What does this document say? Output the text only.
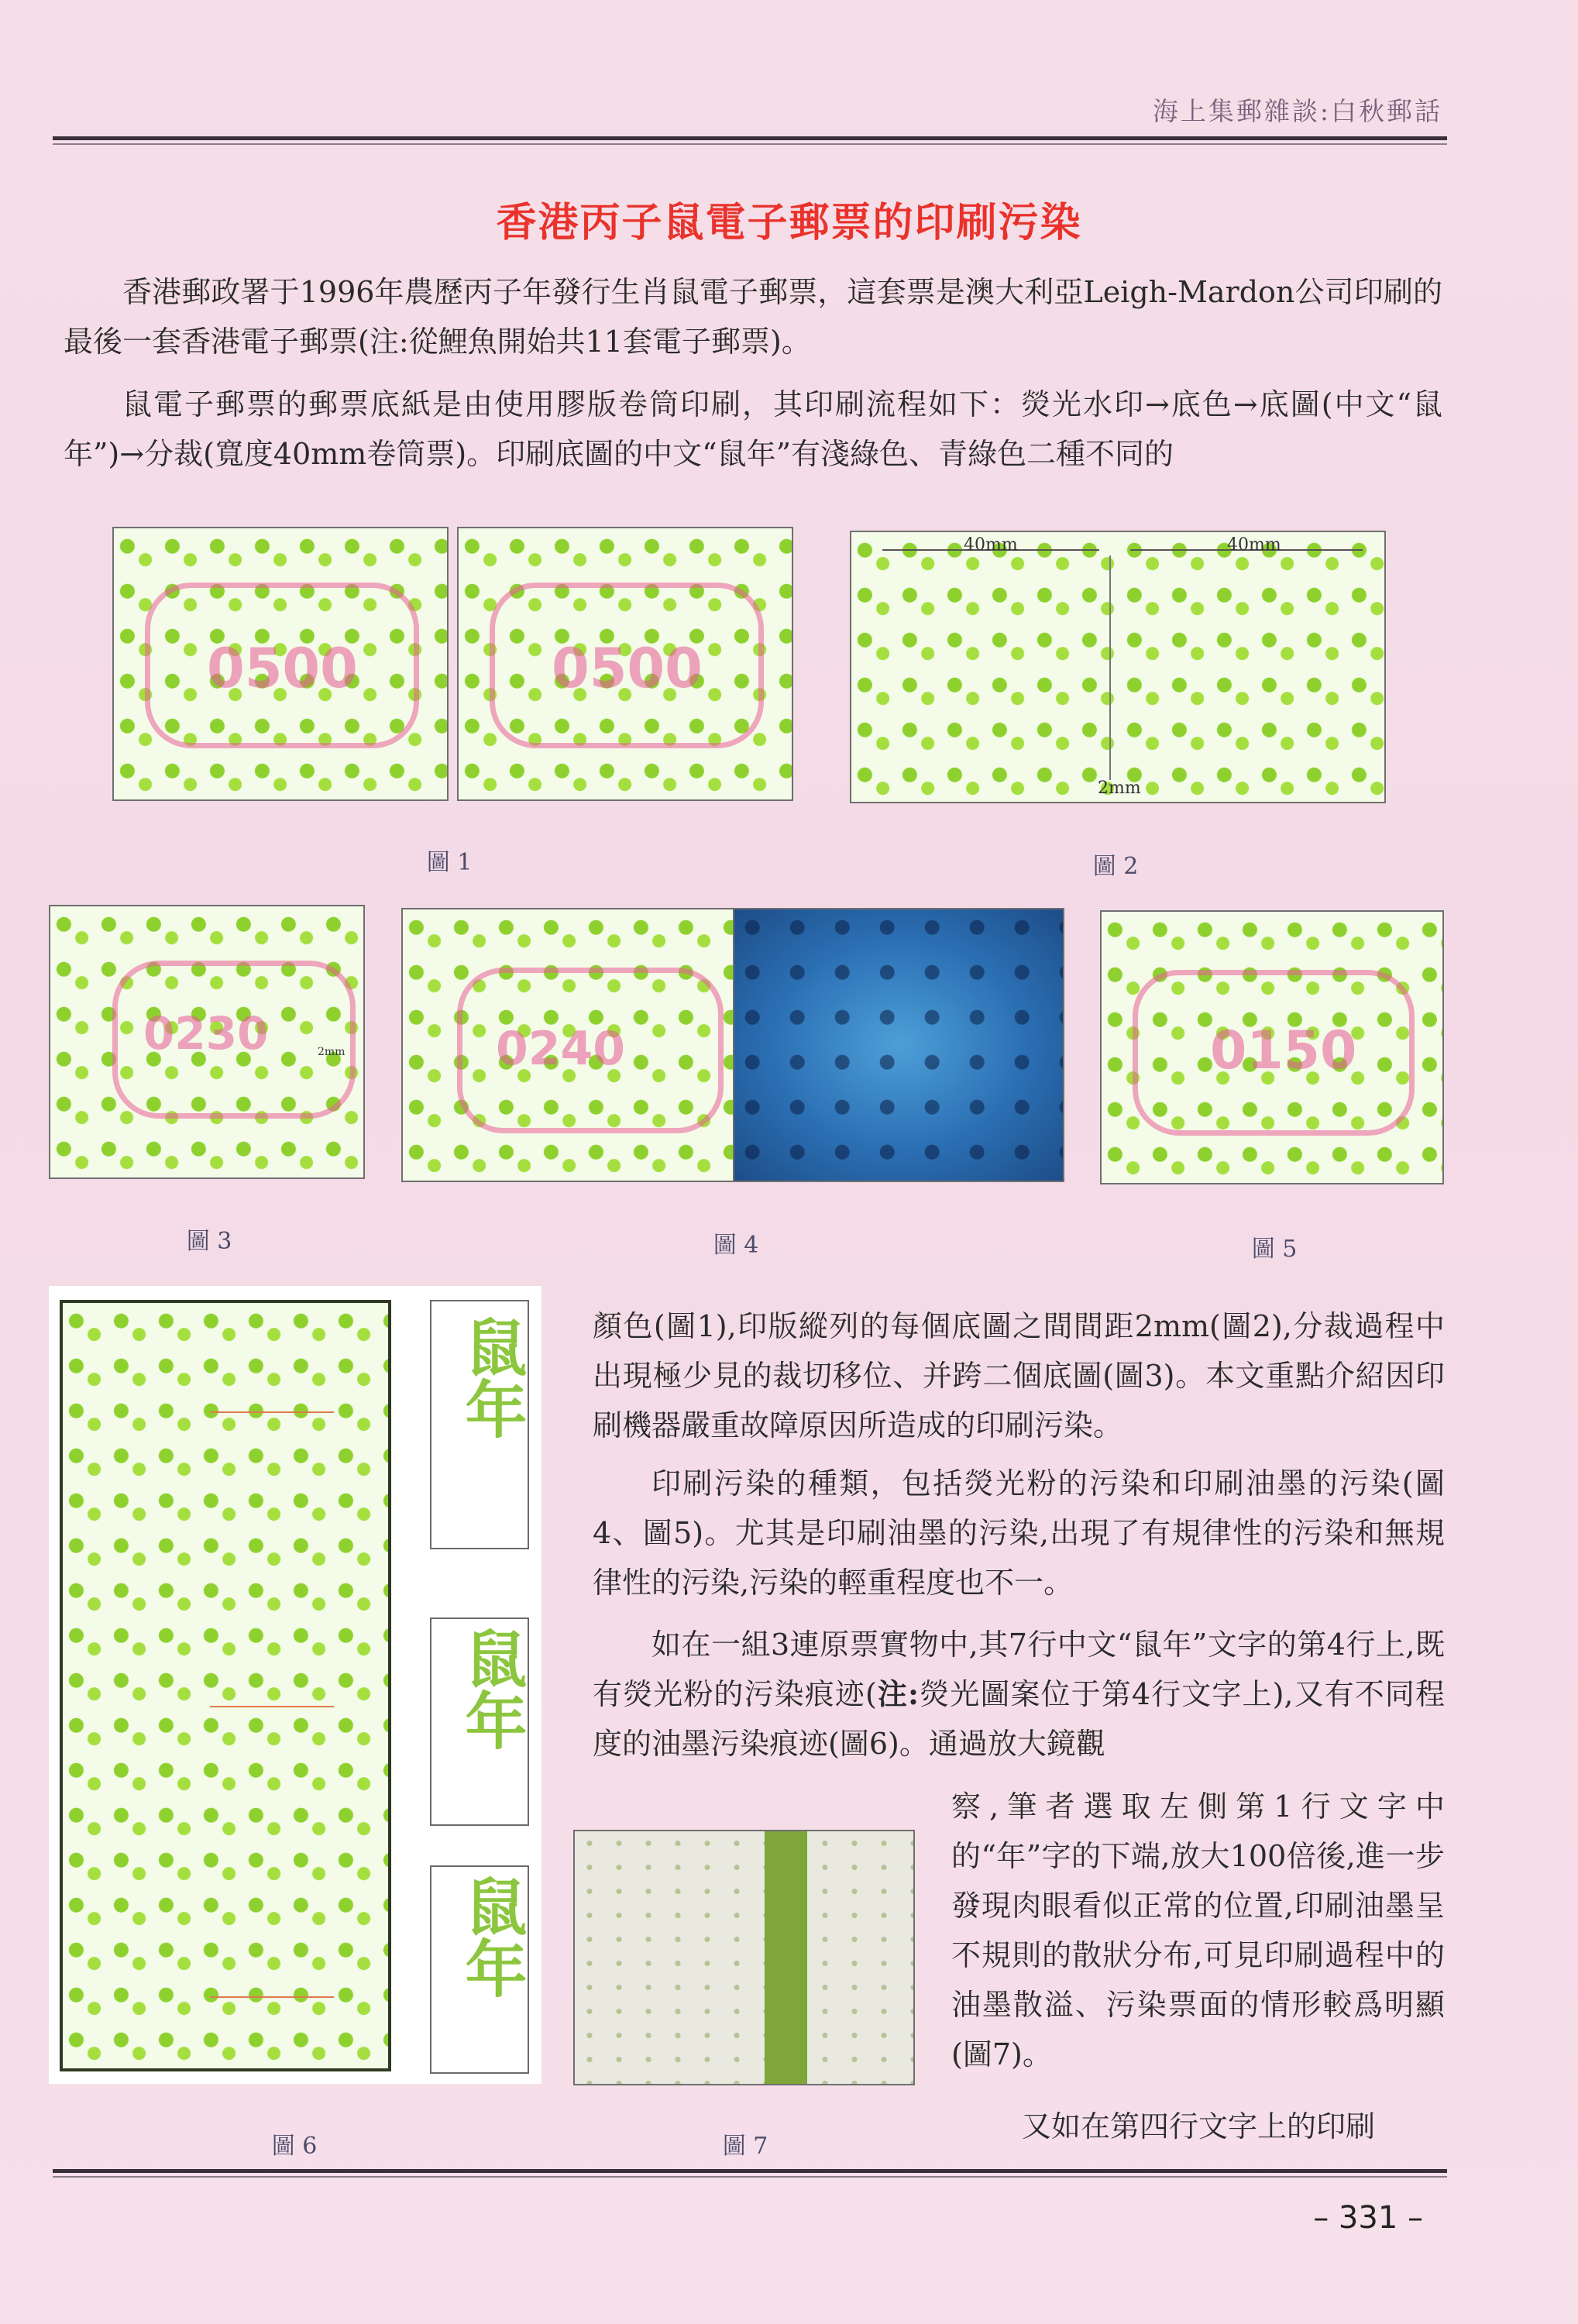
海上集郵雜談:白秋郵話
香港丙子鼠電子郵票的印刷污染
香港郵政署于1996年農歷丙子年發行生肖鼠電子郵票，這套票是澳大利亞Leigh-Mardon公司印刷的最後一套香港電子郵票(注:從鯉魚開始共11套電子郵票)。
鼠電子郵票的郵票底紙是由使用膠版卷筒印刷，其印刷流程如下：熒光水印→底色→底圖(中文“鼠年”)→分裁(寬度40mm卷筒票)。印刷底圖的中文“鼠年”有淺綠色、青綠色二種不同的
0500	0500
圖 1
40mm	40mm
2mm
圖 2
0230	2mm
圖 3
0240
圖 4
0150
圖 5
鼠年
鼠年
鼠年
圖 6	圖 7
顏色(圖1),印版縱列的每個底圖之間間距2mm(圖2),分裁過程中出現極少見的裁切移位、并跨二個底圖(圖3)。本文重點介紹因印刷機器嚴重故障原因所造成的印刷污染。
印刷污染的種類，包括熒光粉的污染和印刷油墨的污染(圖4、圖5)。尤其是印刷油墨的污染,出現了有規律性的污染和無規律性的污染,污染的輕重程度也不一。
如在一組3連原票實物中,其7行中文“鼠年”文字的第4行上,既有熒光粉的污染痕迹(注:熒光圖案位于第4行文字上),又有不同程度的油墨污染痕迹(圖6)。通過放大鏡觀
察,筆者選取左側第1行文字中的“年”字的下端,放大100倍後,進一步發現肉眼看似正常的位置,印刷油墨呈不規則的散狀分布,可見印刷過程中的油墨散溢、污染票面的情形較爲明顯(圖7)。
又如在第四行文字上的印刷
– 331 –
